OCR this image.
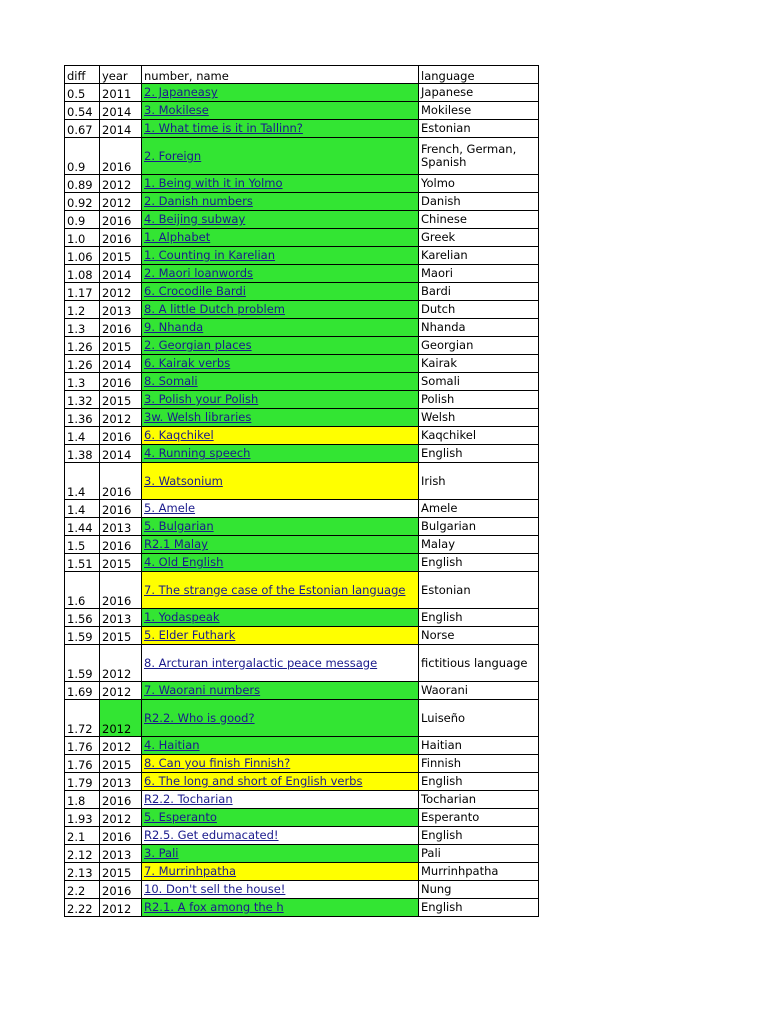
diff	year	number, name	language
0.5	2011	2. Japaneasy	Japanese
0.54	2014	3. Mokilese	Mokilese
0.67	2014	1. What time is it in Tallinn?	Estonian
0.9	2016	2. Foreign	French, German, Spanish
0.89	2012	1. Being with it in Yolmo	Yolmo
0.92	2012	2. Danish numbers	Danish
0.9	2016	4. Beijing subway	Chinese
1.0	2016	1. Alphabet	Greek
1.06	2015	1. Counting in Karelian	Karelian
1.08	2014	2. Maori loanwords	Maori
1.17	2012	6. Crocodile Bardi	Bardi
1.2	2013	8. A little Dutch problem	Dutch
1.3	2016	9. Nhanda	Nhanda
1.26	2015	2. Georgian places	Georgian
1.26	2014	6. Kairak verbs	Kairak
1.3	2016	8. Somali	Somali
1.32	2015	3. Polish your Polish	Polish
1.36	2012	3w. Welsh libraries	Welsh
1.4	2016	6. Kaqchikel	Kaqchikel
1.38	2014	4. Running speech	English
1.4	2016	3. Watsonium	Irish
1.4	2016	5. Amele	Amele
1.44	2013	5. Bulgarian	Bulgarian
1.5	2016	R2.1 Malay	Malay
1.51	2015	4. Old English	English
1.6	2016	7. The strange case of the Estonian language	Estonian
1.56	2013	1. Yodaspeak	English
1.59	2015	5. Elder Futhark	Norse
1.59	2012	8. Arcturan intergalactic peace message	fictitious language
1.69	2012	7. Waorani numbers	Waorani
1.72	2012	R2.2. Who is good?	Luiseño
1.76	2012	4. Haitian	Haitian
1.76	2015	8. Can you finish Finnish?	Finnish
1.79	2013	6. The long and short of English verbs	English
1.8	2016	R2.2. Tocharian	Tocharian
1.93	2012	5. Esperanto	Esperanto
2.1	2016	R2.5. Get edumacated!	English
2.12	2013	3. Pali	Pali
2.13	2015	7. Murrinhpatha	Murrinhpatha
2.2	2016	10. Don't sell the house!	Nung
2.22	2012	R2.1. A fox among the h	English
